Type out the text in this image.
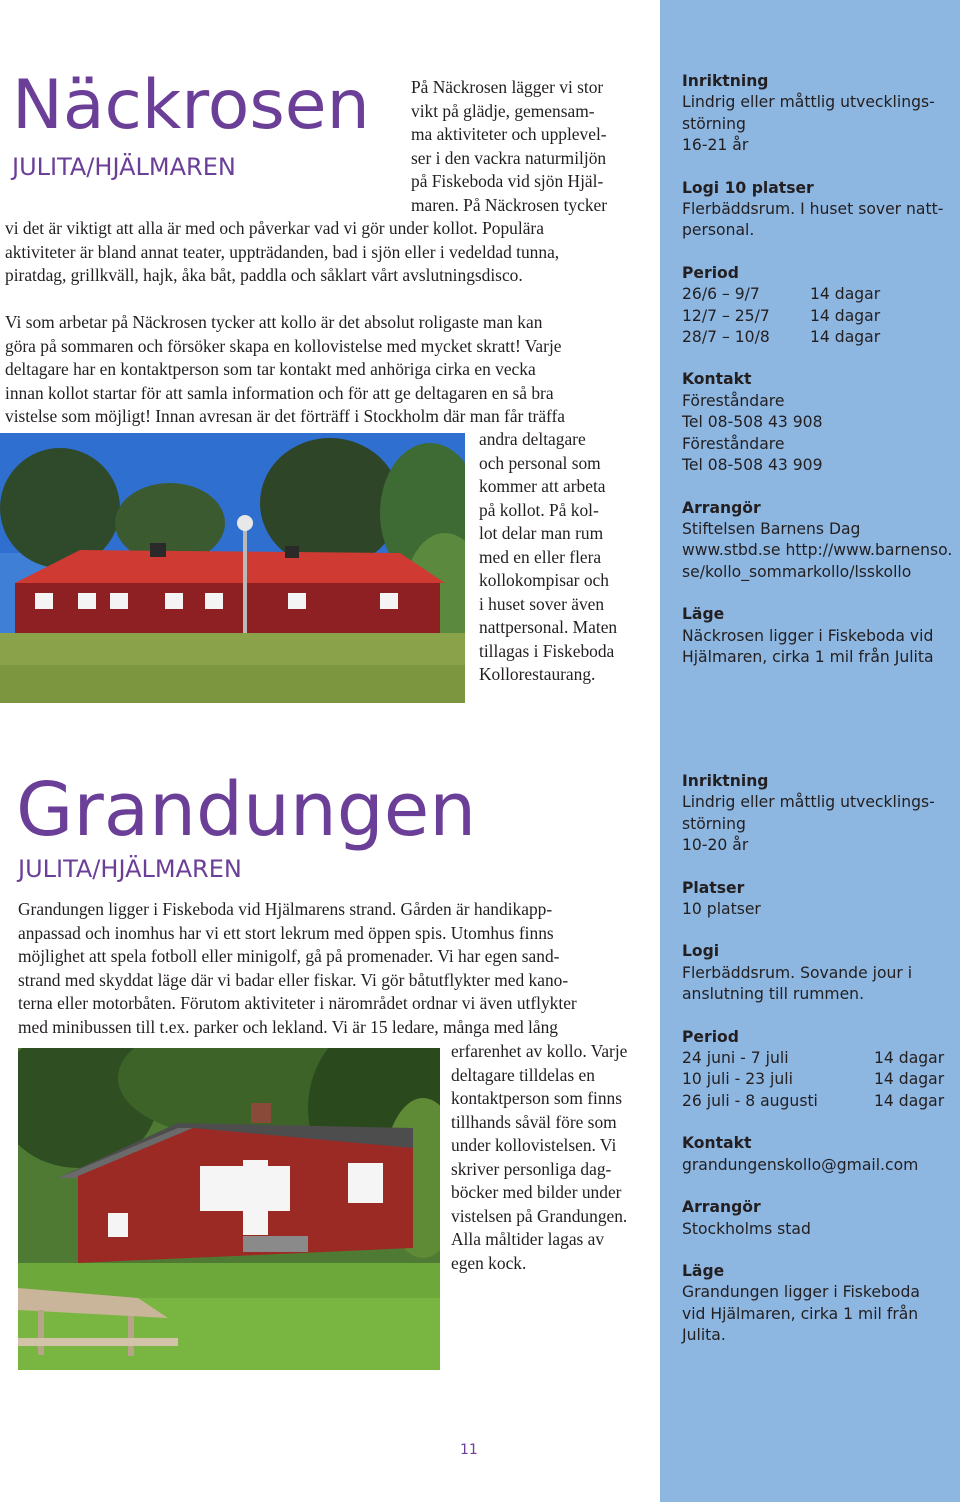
Näckrosen
JULITA/HJÄLMAREN
På Näckrosen lägger vi stor
vikt på glädje, gemensam-
ma aktiviteter och upplevel-
ser i den vackra naturmiljön
på Fiskeboda vid sjön Hjäl-
maren. På Näckrosen tycker
vi det är viktigt att alla är med och påverkar vad vi gör under kollot. Populära
aktiviteter är bland annat teater, uppträdanden, bad i sjön eller i vedeldad tunna,
piratdag, grillkväll, hajk, åka båt, paddla och såklart vårt avslutningsdisco.
Vi som arbetar på Näckrosen tycker att kollo är det absolut roligaste man kan
göra på sommaren och försöker skapa en kollovistelse med mycket skratt! Varje
deltagare har en kontaktperson som tar kontakt med anhöriga cirka en vecka
innan kollot startar för att samla information och för att ge deltagaren en så bra
vistelse som möjligt! Innan avresan är det förträff i Stockholm där man får träffa
andra deltagare
och personal som
kommer att arbeta
på kollot. På kol-
lot delar man rum
med en eller flera
kollokompisar och
i huset sover även
nattpersonal. Maten
tillagas i Fiskeboda
Kollorestaurang.
Inriktning
Lindrig eller måttlig utvecklings-
störning
16-21 år
Logi 10 platser
Flerbäddsrum. I huset sover natt-
personal.
Period
26/6 – 9/7	14 dagar
12/7 – 25/7	14 dagar
28/7 – 10/8	14 dagar
Kontakt
Föreståndare
Tel 08-508 43 908
Föreståndare
Tel 08-508 43 909
Arrangör
Stiftelsen Barnens Dag
www.stbd.se http://www.barnenso.
se/kollo_sommarkollo/lsskollo
Läge
Näckrosen ligger i Fiskeboda vid
Hjälmaren, cirka 1 mil från Julita
Grandungen
JULITA/HJÄLMAREN
Grandungen ligger i Fiskeboda vid Hjälmarens strand. Gården är handikapp-
anpassad och inomhus har vi ett stort lekrum med öppen spis. Utomhus finns
möjlighet att spela fotboll eller minigolf, gå på promenader. Vi har egen sand-
strand med skyddat läge där vi badar eller fiskar. Vi gör båtutflykter med kano-
terna eller motorbåten. Förutom aktiviteter i närområdet ordnar vi även utflykter
med minibussen till t.ex. parker och lekland. Vi är 15 ledare, många med lång
erfarenhet av kollo. Varje
deltagare tilldelas en
kontaktperson som finns
tillhands såväl före som
under kollovistelsen. Vi
skriver personliga dag-
böcker med bilder under
vistelsen på Grandungen.
Alla måltider lagas av
egen kock.
Inriktning
Lindrig eller måttlig utvecklings-
störning
10-20 år
Platser
10 platser
Logi
Flerbäddsrum. Sovande jour i
anslutning till rummen.
Period
24 juni - 7 juli	14 dagar
10 juli - 23 juli	14 dagar
26 juli - 8 augusti	14 dagar
Kontakt
grandungenskollo@gmail.com
Arrangör
Stockholms stad
Läge
Grandungen ligger i Fiskeboda
vid Hjälmaren, cirka 1 mil från
Julita.
11
